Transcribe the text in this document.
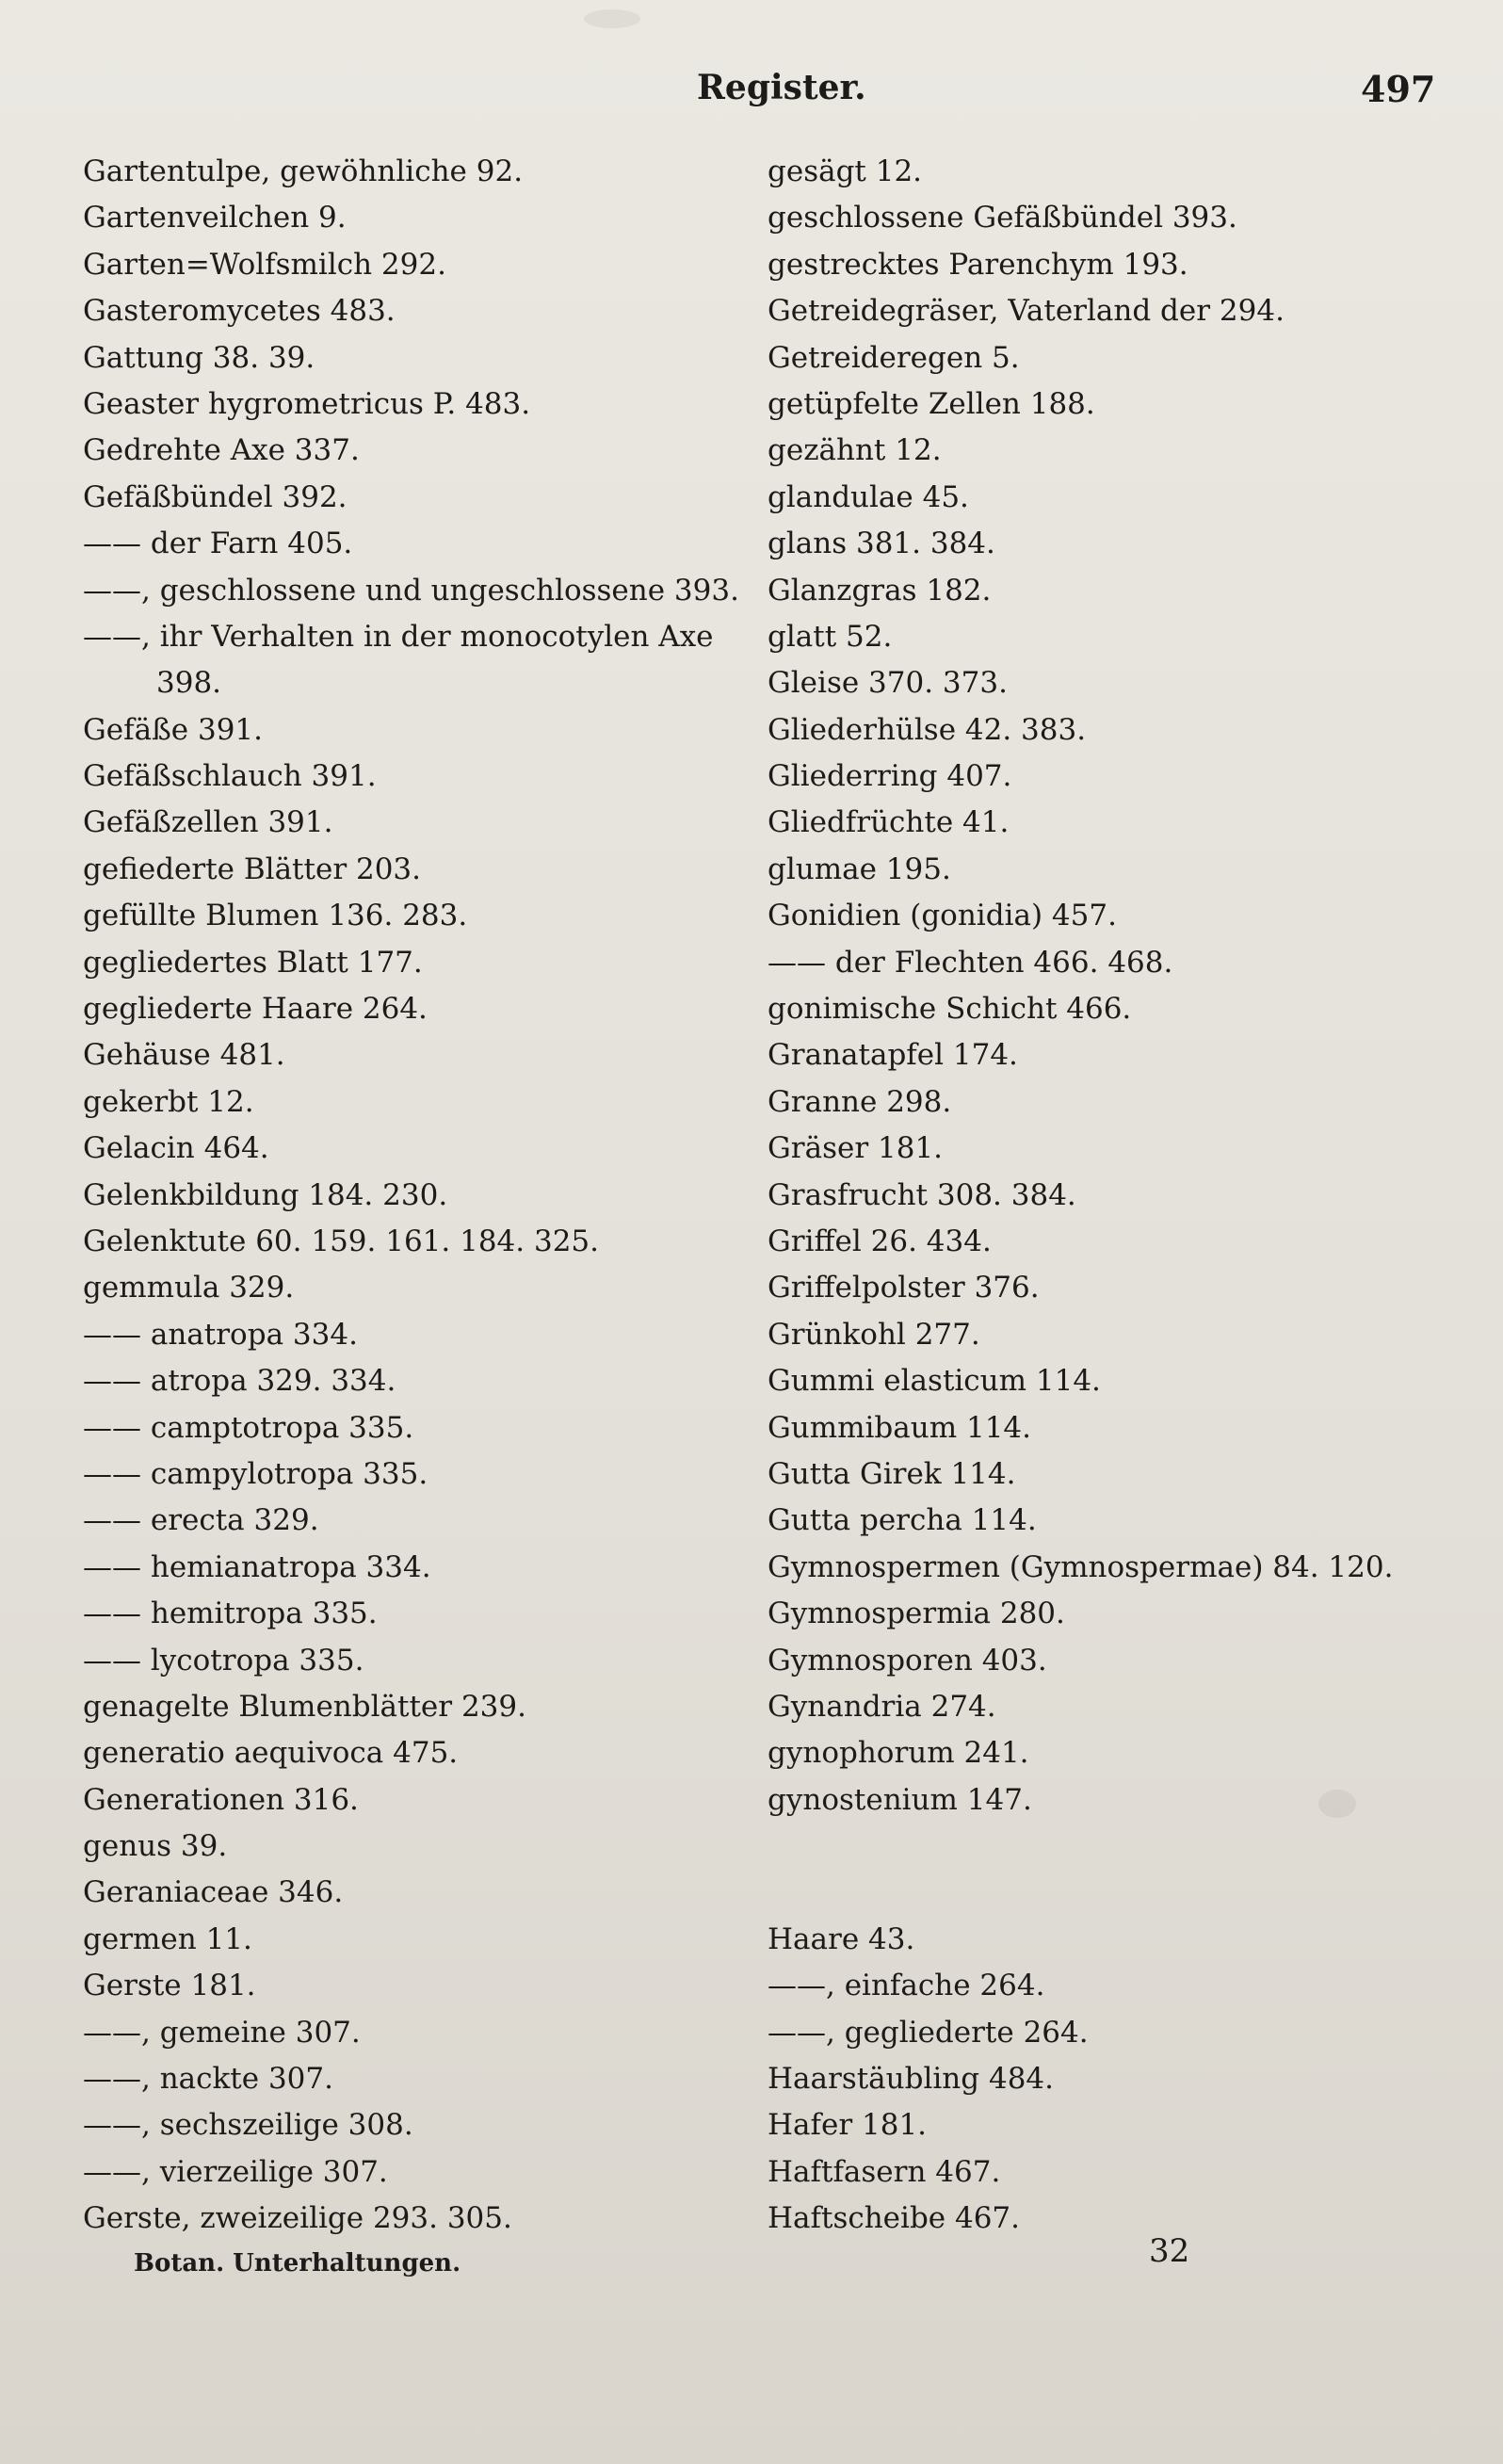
Register.	497
Gartentulpe, gewöhnliche 92.
Gartenveilchen 9.
Garten=Wolfsmilch 292.
Gasteromycetes 483.
Gattung 38. 39.
Geaster hygrometricus P. 483.
Gedrehte Axe 337.
Gefäßbündel 392.
—— der Farn 405.
——, geschlossene und ungeschlossene 393.
——, ihr Verhalten in der monocotylen Axe
398.
Gefäße 391.
Gefäßschlauch 391.
Gefäßzellen 391.
gefiederte Blätter 203.
gefüllte Blumen 136. 283.
gegliedertes Blatt 177.
gegliederte Haare 264.
Gehäuse 481.
gekerbt 12.
Gelacin 464.
Gelenkbildung 184. 230.
Gelenktute 60. 159. 161. 184. 325.
gemmula 329.
—— anatropa 334.
—— atropa 329. 334.
—— camptotropa 335.
—— campylotropa 335.
—— erecta 329.
—— hemianatropa 334.
—— hemitropa 335.
—— lycotropa 335.
genagelte Blumenblätter 239.
generatio aequivoca 475.
Generationen 316.
genus 39.
Geraniaceae 346.
germen 11.
Gerste 181.
——, gemeine 307.
——, nackte 307.
——, sechszeilige 308.
——, vierzeilige 307.
Gerste, zweizeilige 293. 305.
gesägt 12.
geschlossene Gefäßbündel 393.
gestrecktes Parenchym 193.
Getreidegräser, Vaterland der 294.
Getreideregen 5.
getüpfelte Zellen 188.
gezähnt 12.
glandulae 45.
glans 381. 384.
Glanzgras 182.
glatt 52.
Gleise 370. 373.
Gliederhülse 42. 383.
Gliederring 407.
Gliedfrüchte 41.
glumae 195.
Gonidien (gonidia) 457.
—— der Flechten 466. 468.
gonimische Schicht 466.
Granatapfel 174.
Granne 298.
Gräser 181.
Grasfrucht 308. 384.
Griffel 26. 434.
Griffelpolster 376.
Grünkohl 277.
Gummi elasticum 114.
Gummibaum 114.
Gutta Girek 114.
Gutta percha 114.
Gymnospermen (Gymnospermae) 84. 120.
Gymnospermia 280.
Gymnosporen 403.
Gynandria 274.
gynophorum 241.
gynostenium 147.
Haare 43.
——, einfache 264.
——, gegliederte 264.
Haarstäubling 484.
Hafer 181.
Haftfasern 467.
Haftscheibe 467.
Botan. Unterhaltungen.	32
